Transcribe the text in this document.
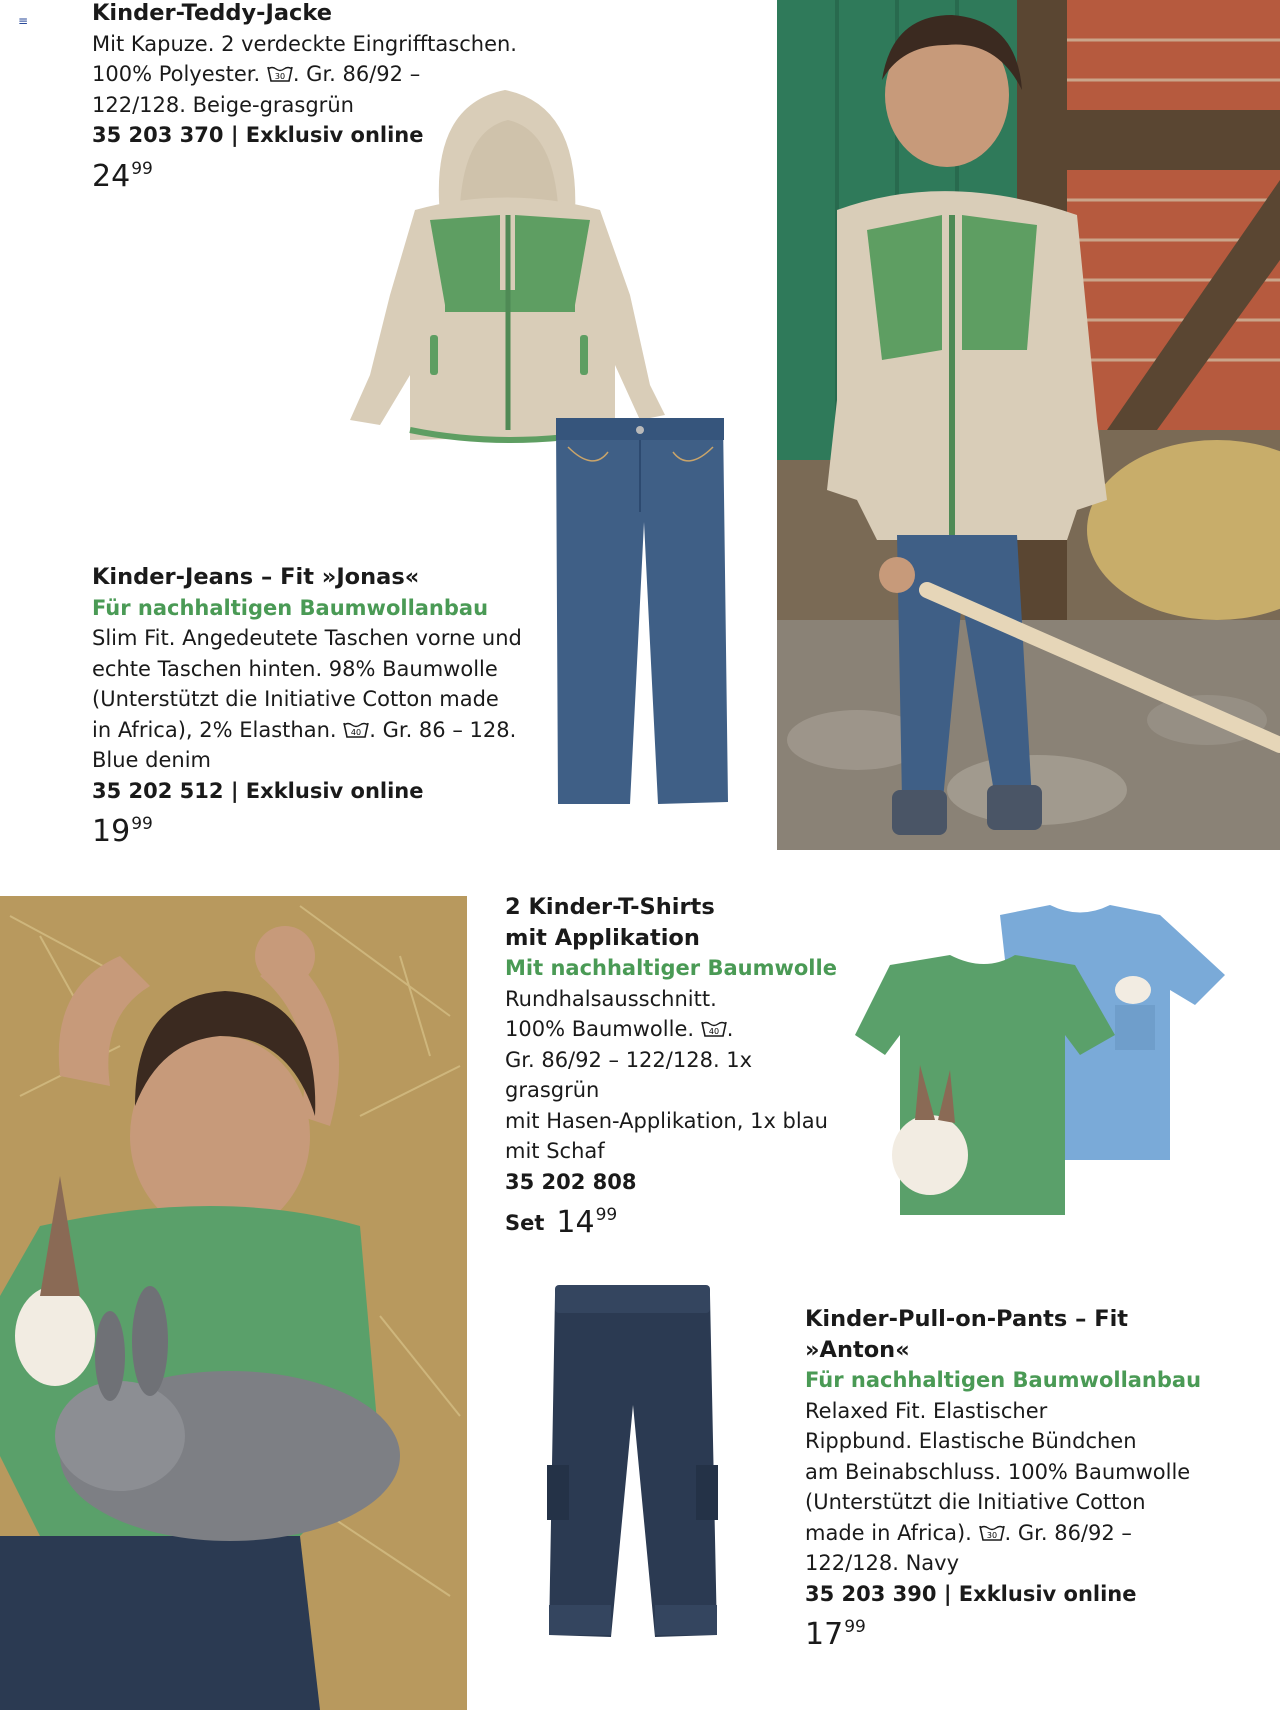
≡	Kinder-Teddy-Jacke
Mit Kapuze. 2 verdeckte Eingrifftaschen.
100% Polyester. 30 . Gr. 86/92 –
122/128. Beige-grasgrün
35 203 370 | Exklusiv online
24 99
Kinder-Jeans – Fit »Jonas«
Für nachhaltigen Baumwollanbau
Slim Fit. Angedeutete Taschen vorne und
echte Taschen hinten. 98% Baumwolle
(Unterstützt die Initiative Cotton made
in Africa), 2% Elasthan. 40 . Gr. 86 – 128.
Blue denim
35 202 512 | Exklusiv online
19 99
2 Kinder-T-Shirts
mit Applikation
Mit nachhaltiger Baumwolle
Rundhalsausschnitt.
100% Baumwolle. 40 .
Gr. 86/92 – 122/128. 1x grasgrün
mit Hasen-Applikation, 1x blau
mit Schaf
35 202 808
Set 14 99
Kinder-Pull-on-Pants – Fit
»Anton«
Für nachhaltigen Baumwollanbau
Relaxed Fit. Elastischer
Rippbund. Elastische Bündchen
am Beinabschluss. 100% Baumwolle
(Unterstützt die Initiative Cotton
made in Africa). 30 . Gr. 86/92 –
122/128. Navy
35 203 390 | Exklusiv online
17 99
